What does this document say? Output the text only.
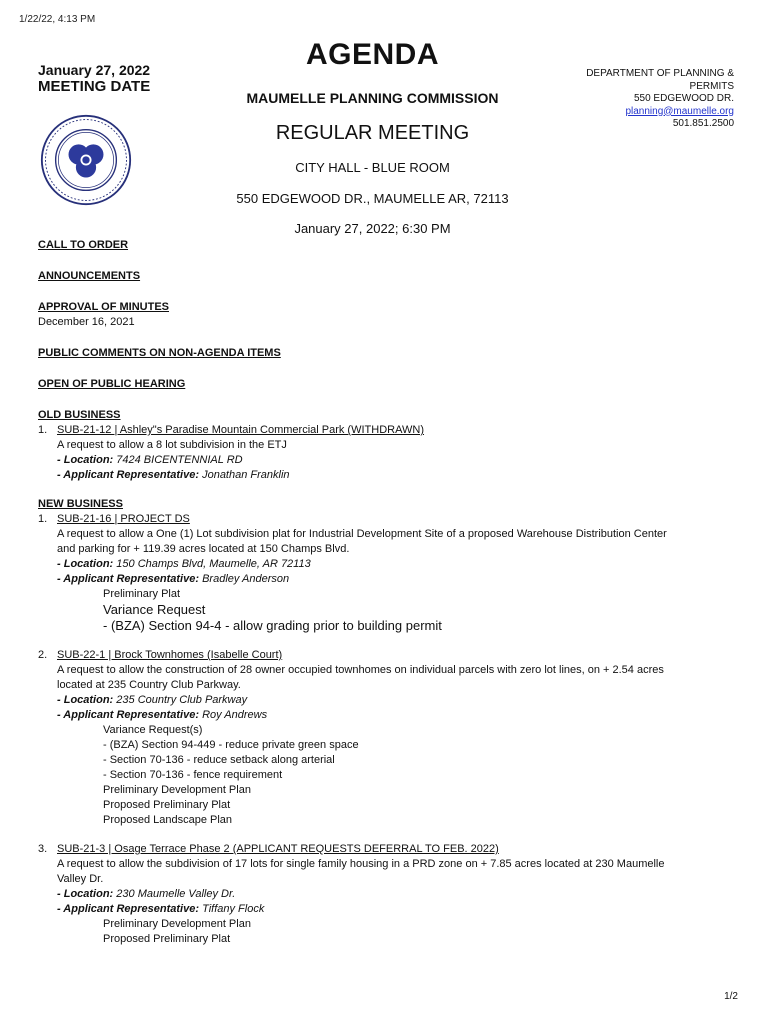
1/22/22, 4:13 PM
January 27, 2022
MEETING DATE
AGENDA
MAUMELLE PLANNING COMMISSION
REGULAR MEETING
CITY HALL - BLUE ROOM
550 EDGEWOOD DR., MAUMELLE AR, 72113
January 27, 2022; 6:30 PM
DEPARTMENT OF PLANNING &
PERMITS
550 EDGEWOOD DR.
planning@maumelle.org
501.851.2500
CALL TO ORDER
ANNOUNCEMENTS
APPROVAL OF MINUTES
December 16, 2021
PUBLIC COMMENTS ON NON-AGENDA ITEMS
OPEN OF PUBLIC HEARING
OLD BUSINESS
1. SUB-21-12 | Ashley"s Paradise Mountain Commercial Park (WITHDRAWN)
A request to allow a 8 lot subdivision in the ETJ
- Location: 7424 BICENTENNIAL RD
- Applicant Representative: Jonathan Franklin
NEW BUSINESS
1. SUB-21-16 | PROJECT DS
A request to allow a One (1) Lot subdivision plat for Industrial Development Site of a proposed Warehouse Distribution Center
and parking for + 119.39 acres located at 150 Champs Blvd.
- Location: 150 Champs Blvd, Maumelle, AR 72113
- Applicant Representative: Bradley Anderson
Preliminary Plat
Variance Request
- (BZA) Section 94-4 - allow grading prior to building permit
2. SUB-22-1 | Brock Townhomes (Isabelle Court)
A request to allow the construction of 28 owner occupied townhomes on individual parcels with zero lot lines, on + 2.54 acres
located at 235 Country Club Parkway.
- Location: 235 Country Club Parkway
- Applicant Representative: Roy Andrews
Variance Request(s)
- (BZA) Section 94-449 - reduce private green space
- Section 70-136 - reduce setback along arterial
- Section 70-136 - fence requirement
Preliminary Development Plan
Proposed Preliminary Plat
Proposed Landscape Plan
3. SUB-21-3 | Osage Terrace Phase 2 (APPLICANT REQUESTS DEFERRAL TO FEB. 2022)
A request to allow the subdivision of 17 lots for single family housing in a PRD zone on + 7.85 acres located at 230 Maumelle
Valley Dr.
- Location: 230 Maumelle Valley Dr.
- Applicant Representative: Tiffany Flock
Preliminary Development Plan
Proposed Preliminary Plat
1/2
